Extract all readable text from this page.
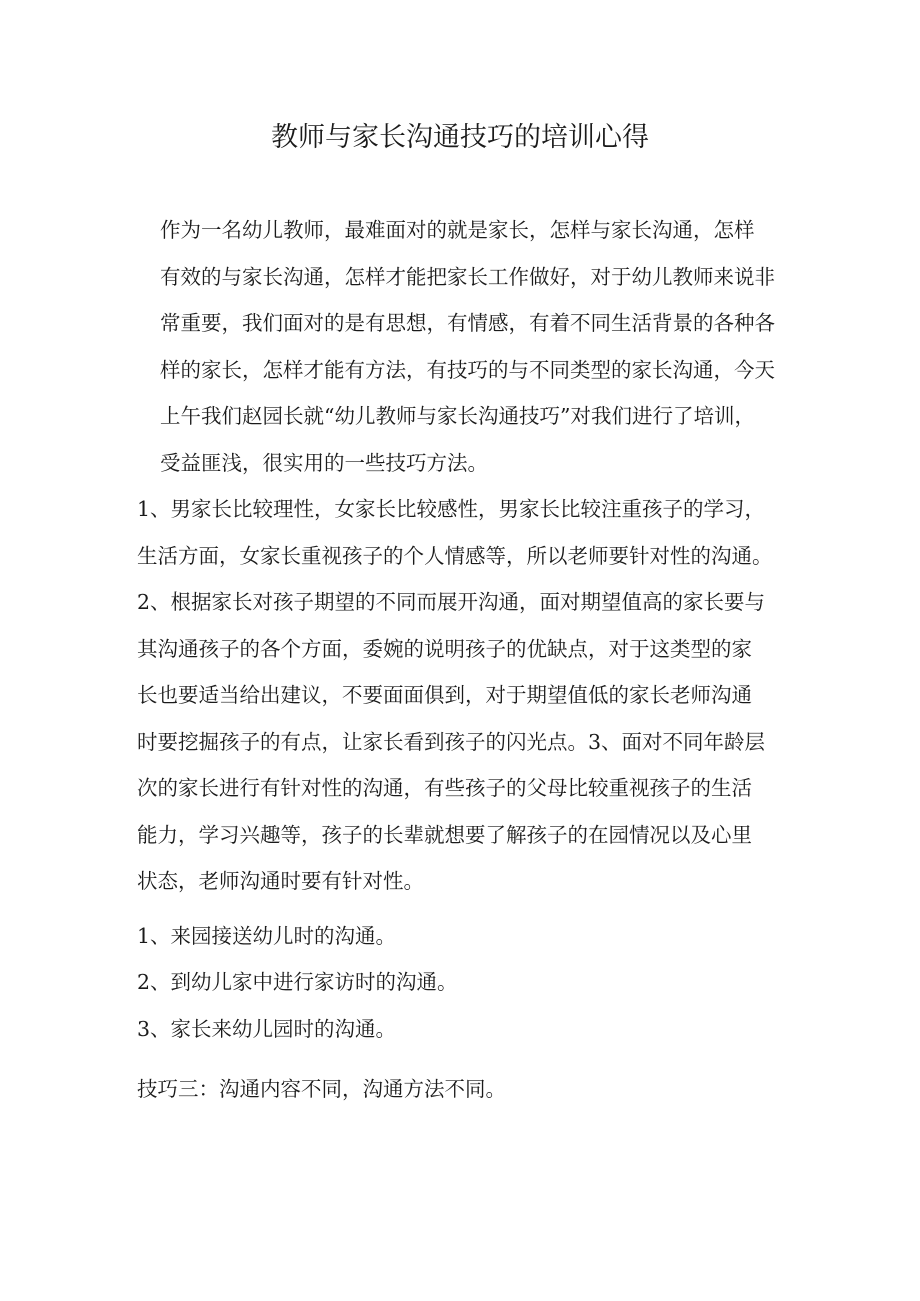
教师与家长沟通技巧的培训心得

作为一名幼儿教师，最难面对的就是家长，怎样与家长沟通，怎样
有效的与家长沟通，怎样才能把家长工作做好，对于幼儿教师来说非
常重要，我们面对的是有思想，有情感，有着不同生活背景的各种各
样的家长，怎样才能有方法，有技巧的与不同类型的家长沟通，今天
上午我们赵园长就“幼儿教师与家长沟通技巧”对我们进行了培训，
受益匪浅，很实用的一些技巧方法。

1、男家长比较理性，女家长比较感性，男家长比较注重孩子的学习，
生活方面，女家长重视孩子的个人情感等，所以老师要针对性的沟通。

2、根据家长对孩子期望的不同而展开沟通，面对期望值高的家长要与
其沟通孩子的各个方面，委婉的说明孩子的优缺点，对于这类型的家
长也要适当给出建议，不要面面俱到，对于期望值低的家长老师沟通
时要挖掘孩子的有点，让家长看到孩子的闪光点。3、面对不同年龄层
次的家长进行有针对性的沟通，有些孩子的父母比较重视孩子的生活
能力，学习兴趣等，孩子的长辈就想要了解孩子的在园情况以及心里
状态，老师沟通时要有针对性。

1、来园接送幼儿时的沟通。
2、到幼儿家中进行家访时的沟通。
3、家长来幼儿园时的沟通。

技巧三：沟通内容不同，沟通方法不同。
